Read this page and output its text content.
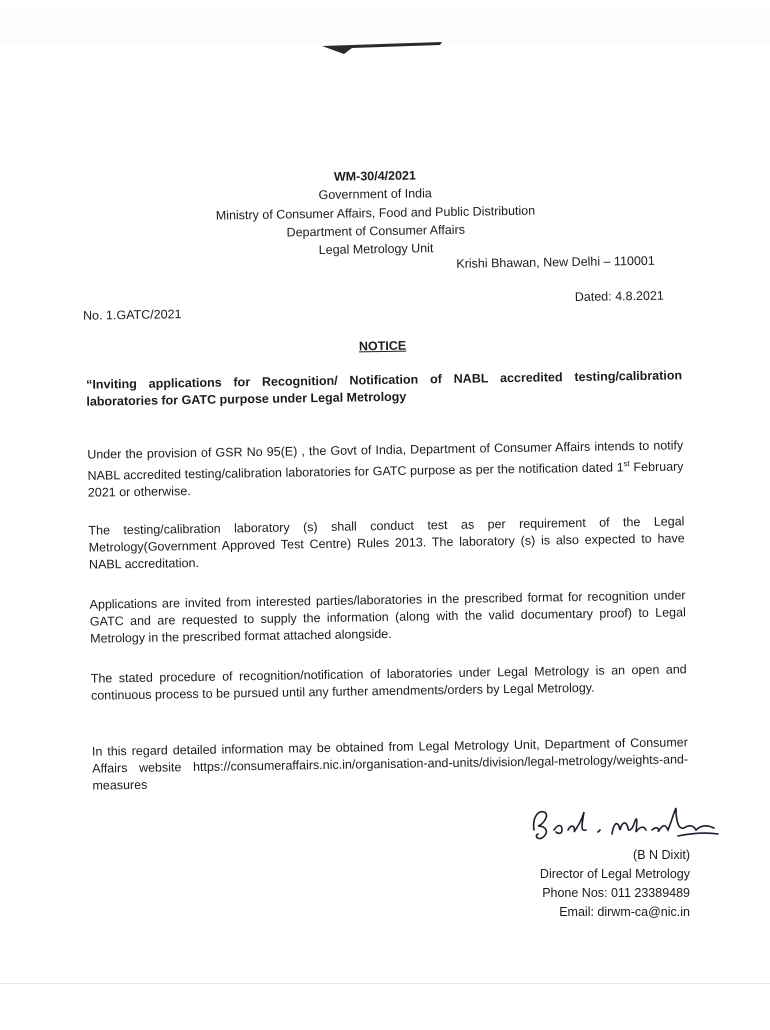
WM-30/4/2021
Government of India
Ministry of Consumer Affairs, Food and Public Distribution
Department of Consumer Affairs
Legal Metrology Unit
Krishi Bhawan, New Delhi – 110001
Dated: 4.8.2021
No. 1.GATC/2021
NOTICE
“Inviting applications for Recognition/ Notification of NABL accredited testing/calibration laboratories for GATC purpose under Legal Metrology
Under the provision of GSR No 95(E) , the Govt of India, Department of Consumer Affairs intends to notify NABL accredited testing/calibration laboratories for GATC purpose as per the notification dated 1st February 2021 or otherwise.
The testing/calibration laboratory (s) shall conduct test as per requirement of the Legal Metrology(Government Approved Test Centre) Rules 2013. The laboratory (s) is also expected to have NABL accreditation.
Applications are invited from interested parties/laboratories in the prescribed format for recognition under GATC and are requested to supply the information (along with the valid documentary proof) to Legal Metrology in the prescribed format attached alongside.
The stated procedure of recognition/notification of laboratories under Legal Metrology is an open and continuous process to be pursued until any further amendments/orders by Legal Metrology.
In this regard detailed information may be obtained from Legal Metrology Unit, Department of Consumer Affairs website https://consumeraffairs.nic.in/organisation-and-units/division/legal-metrology/weights-and-measures
(B N Dixit)
Director of Legal Metrology
Phone Nos: 011 23389489
Email: dirwm-ca@nic.in
